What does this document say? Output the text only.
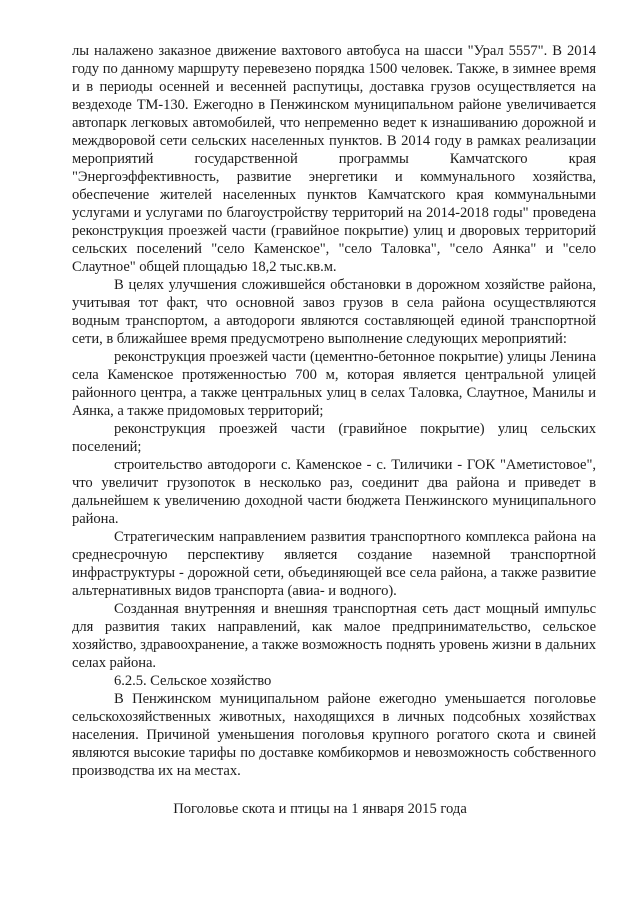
лы налажено заказное движение вахтового автобуса на шасси "Урал 5557". В 2014 году по данному маршруту перевезено порядка 1500 человек. Также, в зимнее время и в периоды осенней и весенней распутицы, доставка грузов осуществляется на вездеходе ТМ-130. Ежегодно в Пенжинском муниципальном районе увеличивается автопарк легковых автомобилей, что непременно ведет к изнашиванию дорожной и междворовой сети сельских населенных пунктов. В 2014 году в рамках реализации мероприятий государственной программы Камчатского края "Энергоэффективность, развитие энергетики и коммунального хозяйства, обеспечение жителей населенных пунктов Камчатского края коммунальными услугами и услугами по благоустройству территорий на 2014-2018 годы" проведена реконструкция проезжей части (гравийное покрытие) улиц и дворовых территорий сельских поселений "село Каменское", "село Таловка", "село Аянка" и "село Слаутное" общей площадью 18,2 тыс.кв.м.

В целях улучшения сложившейся обстановки в дорожном хозяйстве района, учитывая тот факт, что основной завоз грузов в села района осуществляются водным транспортом, а автодороги являются составляющей единой транспортной сети, в ближайшее время предусмотрено выполнение следующих мероприятий:

реконструкция проезжей части (цементно-бетонное покрытие) улицы Ленина села Каменское протяженностью 700 м, которая является центральной улицей районного центра, а также центральных улиц в селах Таловка, Слаутное, Манилы и Аянка, а также придомовых территорий;

реконструкция проезжей части (гравийное покрытие) улиц сельских поселений;

строительство автодороги с. Каменское - с. Тиличики - ГОК "Аметистовое", что увеличит грузопоток в несколько раз, соединит два района и приведет в дальнейшем к увеличению доходной части бюджета Пенжинского муниципального района.

Стратегическим направлением развития транспортного комплекса района на среднесрочную перспективу является создание наземной транспортной инфраструктуры - дорожной сети, объединяющей все села района, а также развитие альтернативных видов транспорта (авиа- и водного).

Созданная внутренняя и внешняя транспортная сеть даст мощный импульс для развития таких направлений, как малое предпринимательство, сельское хозяйство, здравоохранение, а также возможность поднять уровень жизни в дальних селах района.

6.2.5. Сельское хозяйство

В Пенжинском муниципальном районе ежегодно уменьшается поголовье сельскохозяйственных животных, находящихся в личных подсобных хозяйствах населения. Причиной уменьшения поголовья крупного рогатого скота и свиней являются высокие тарифы по доставке комбикормов и невозможность собственного производства их на местах.

Поголовье скота и птицы на 1 января 2015 года
